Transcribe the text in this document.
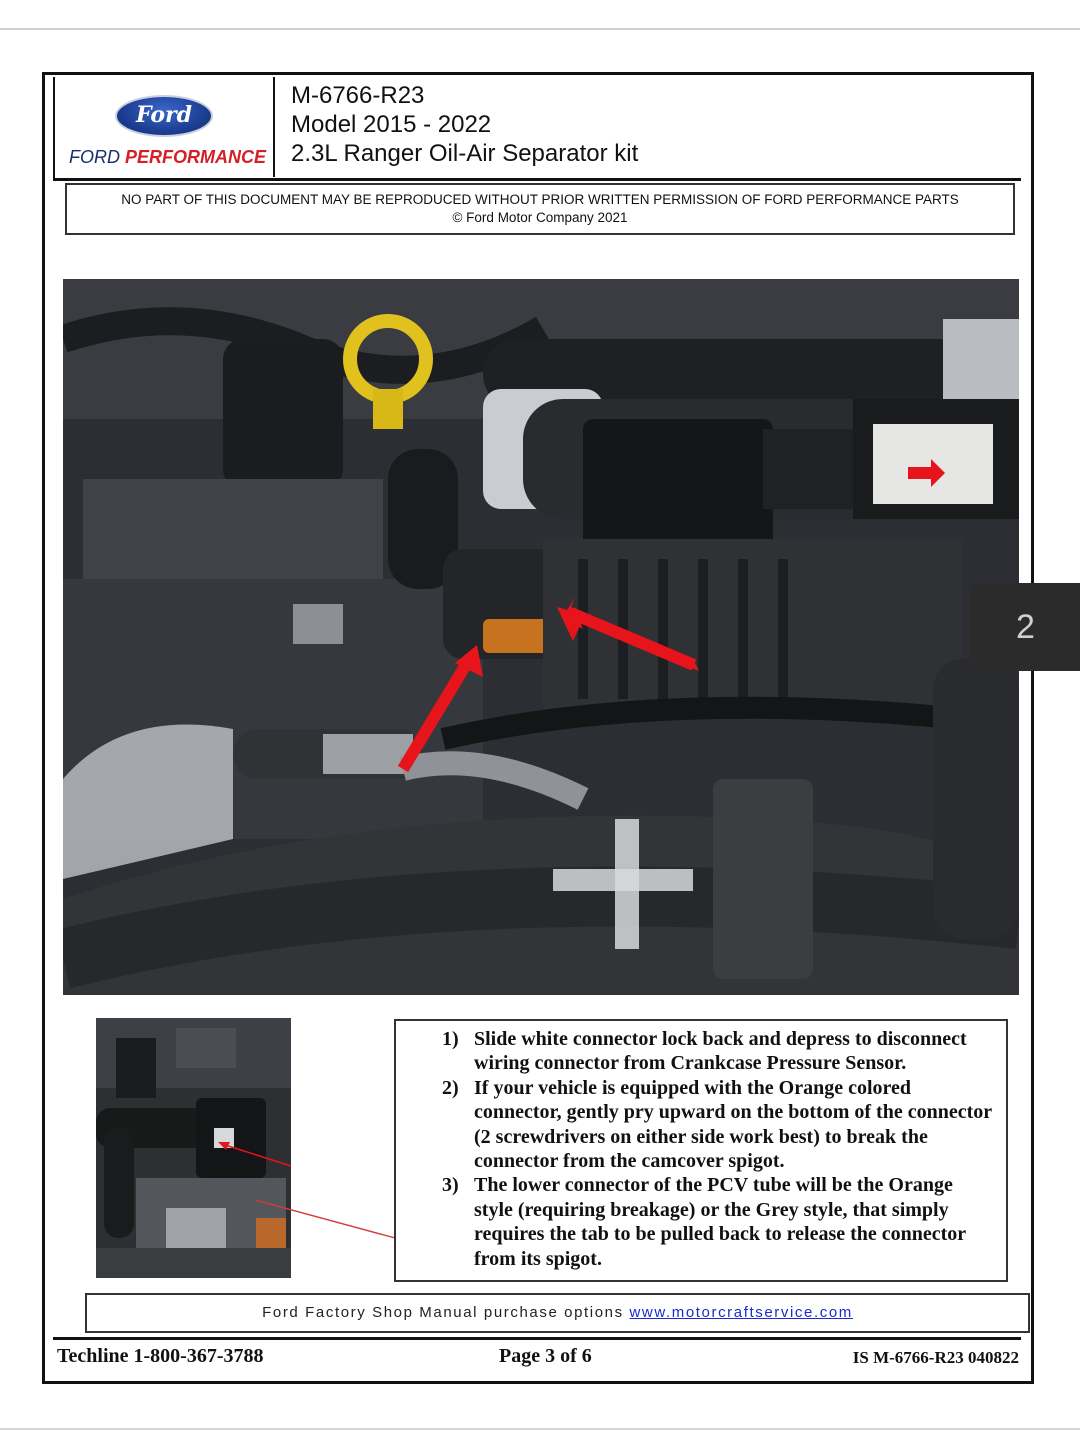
Ford
FORD PERFORMANCE
M-6766-R23
Model 2015 - 2022
2.3L Ranger Oil-Air Separator kit
NO PART OF THIS DOCUMENT MAY BE REPRODUCED WITHOUT PRIOR WRITTEN PERMISSION OF FORD PERFORMANCE PARTS
© Ford Motor Company 2021
1) Slide white connector lock back and depress to disconnect wiring connector from Crankcase Pressure Sensor.
2) If your vehicle is equipped with the Orange colored connector, gently pry upward on the bottom of the connector (2 screwdrivers on either side work best) to break the connector from the camcover spigot.
3) The lower connector of the PCV tube will be the Orange style (requiring breakage) or the Grey style, that simply requires the tab to be pulled back to release the connector from its spigot.
Ford Factory Shop Manual purchase options www.motorcraftservice.com
Techline 1-800-367-3788	Page 3 of 6	IS M-6766-R23 040822
2
